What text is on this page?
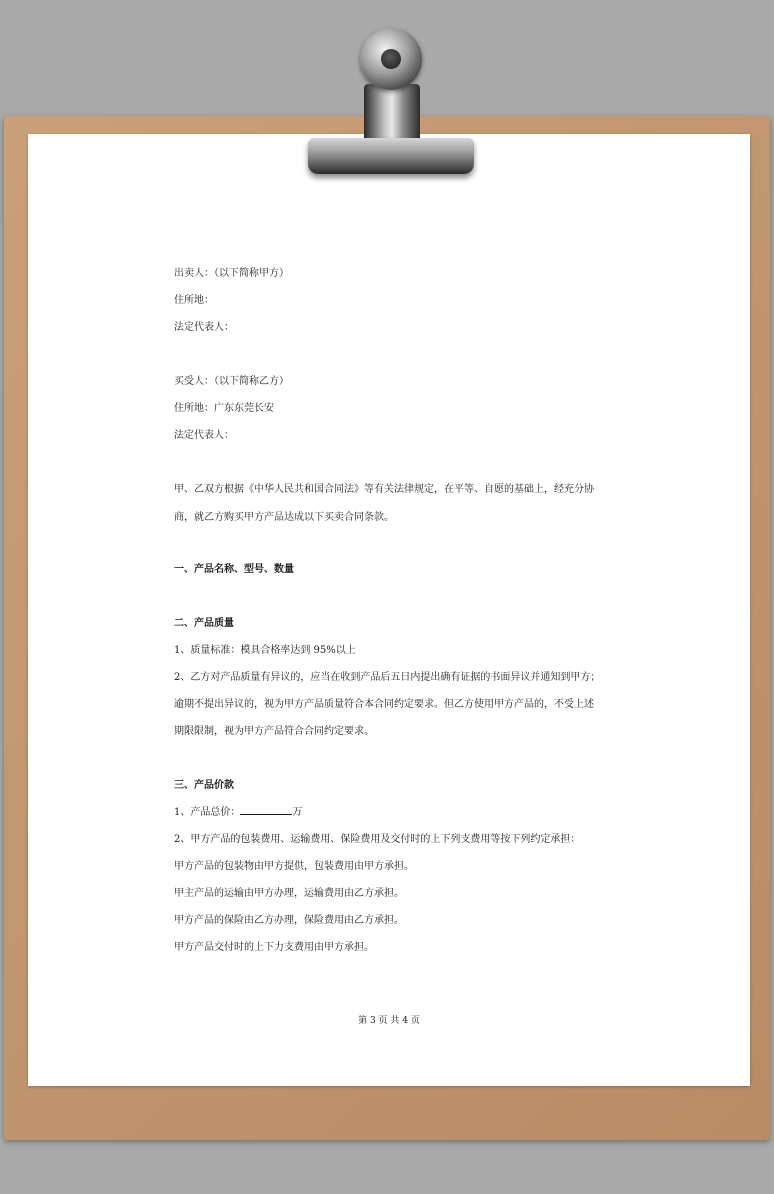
出卖人：（以下简称甲方）
住所地：
法定代表人：
买受人：（以下简称乙方）
住所地：广东东莞长安
法定代表人：
甲、乙双方根据《中华人民共和国合同法》等有关法律规定，在平等、自愿的基础上，经充分协
商，就乙方购买甲方产品达成以下买卖合同条款。
一、产品名称、型号、数量
二、产品质量
1、质量标准：模具合格率达到 95%以上
2、乙方对产品质量有异议的，应当在收到产品后五日内提出确有证据的书面异议并通知到甲方；
逾期不提出异议的，视为甲方产品质量符合本合同约定要求。但乙方使用甲方产品的，不受上述
期限限制，视为甲方产品符合合同约定要求。
三、产品价款
1、产品总价：	万
2、甲方产品的包装费用、运输费用、保险费用及交付时的上下列支费用等按下列约定承担：
甲方产品的包装物由甲方提供，包装费用由甲方承担。
甲主产品的运输由甲方办理，运输费用由乙方承担。
甲方产品的保险由乙方办理，保险费用由乙方承担。
甲方产品交付时的上下力支费用由甲方承担。
第 3 页 共 4 页
